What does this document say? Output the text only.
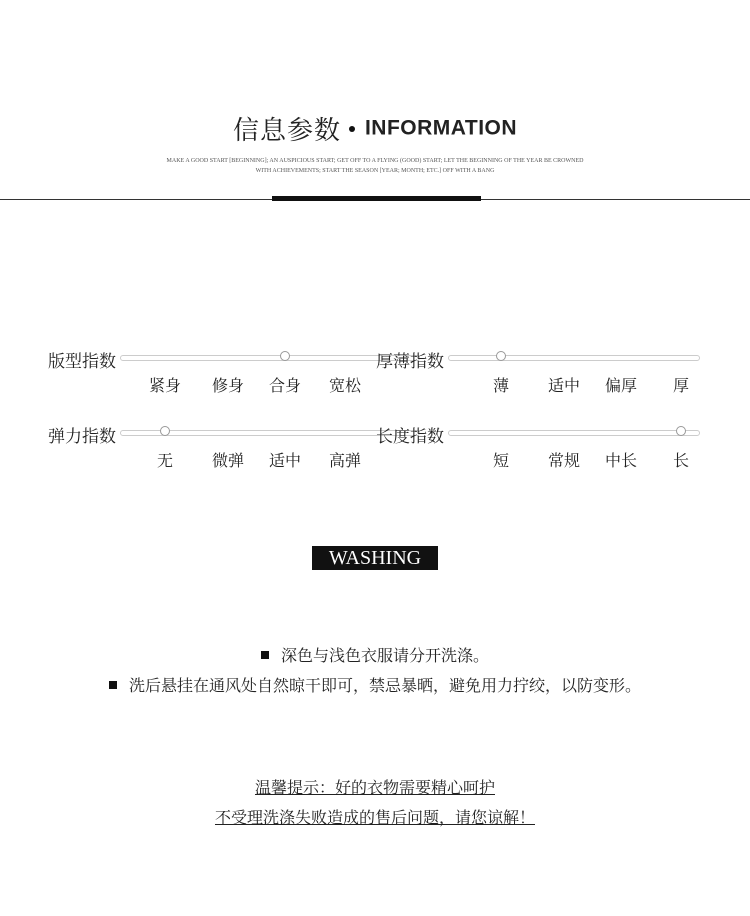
信息参数 INFORMATION
MAKE A GOOD START [BEGINNING]; AN AUSPICIOUS START; GET OFF TO A FLYING (GOOD) START; LET THE BEGINNING OF THE YEAR BE CROWNED
WITH ACHIEVEMENTS; START THE SEASON [YEAR; MONTH; ETC.] OFF WITH A BANG
版型指数
紧身 修身 合身 宽松
厚薄指数
薄 适中 偏厚 厚
弹力指数
无 微弹 适中 高弹
长度指数
短 常规 中长 长
WASHING
深色与浅色衣服请分开洗涤。
洗后悬挂在通风处自然晾干即可，禁忌暴晒，避免用力拧绞，以防变形。
温馨提示：好的衣物需要精心呵护
不受理洗涤失败造成的售后问题，请您谅解！
